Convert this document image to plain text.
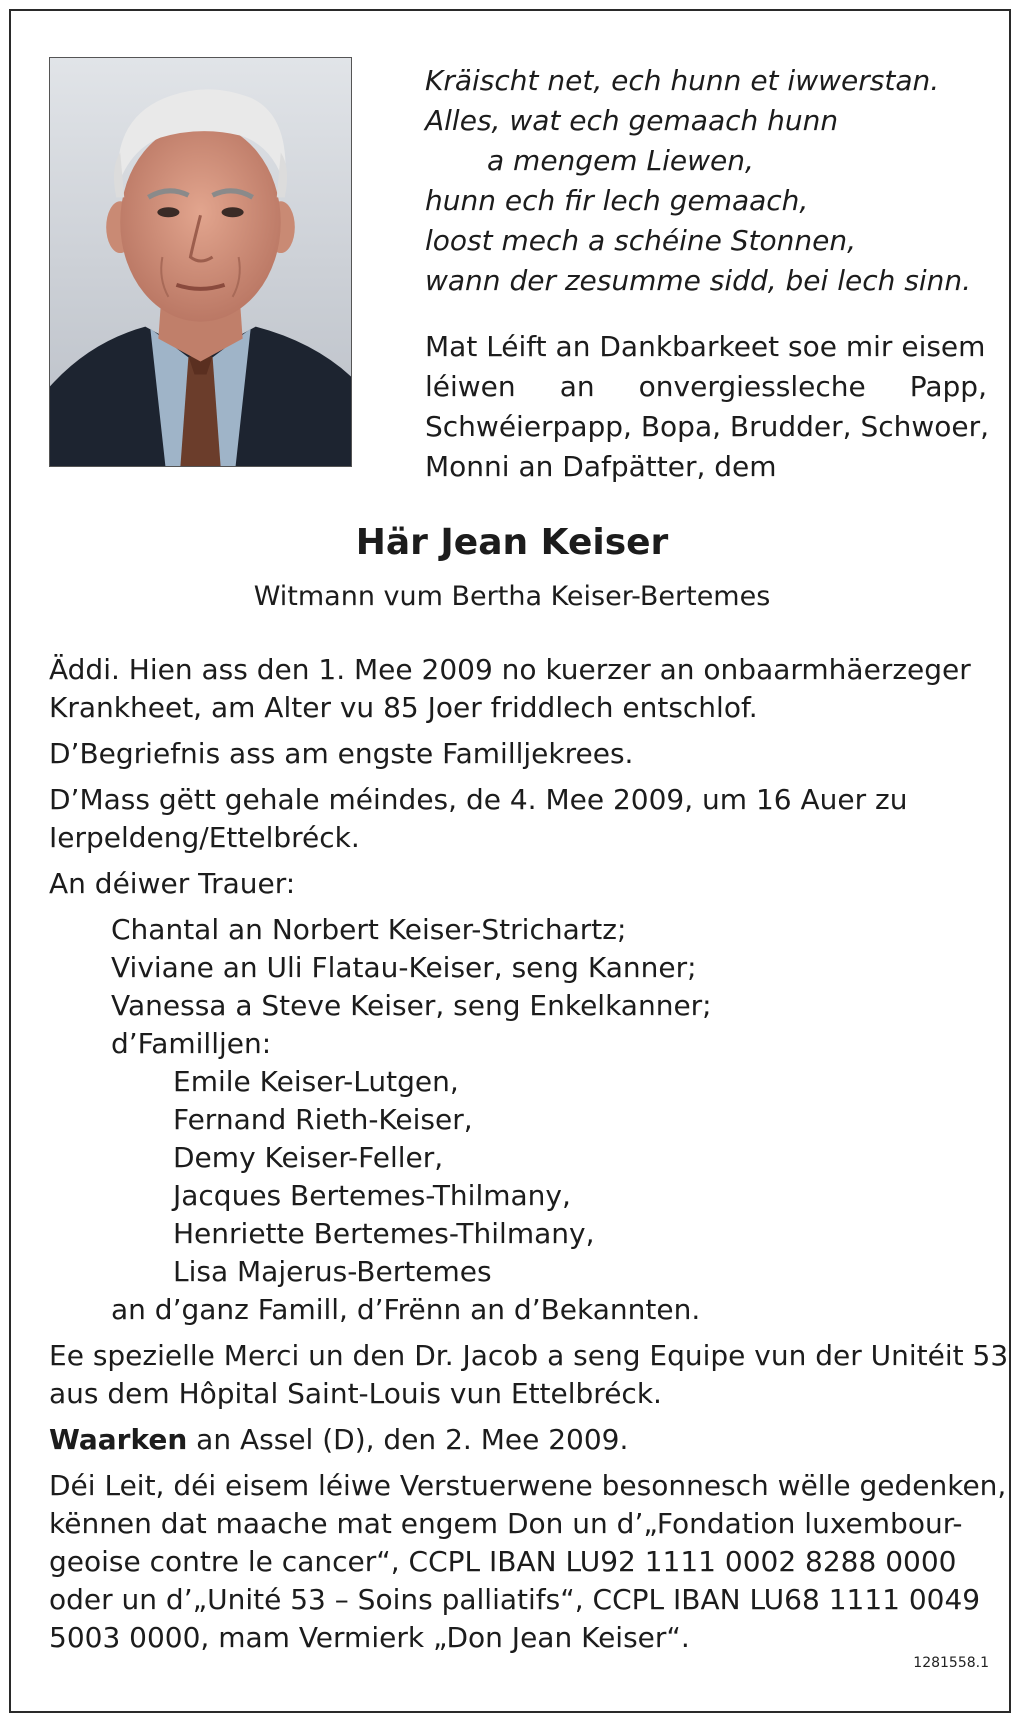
Kräischt net, ech hunn et iwwerstan.
Alles, wat ech gemaach hunn
a mengem Liewen,
hunn ech fir lech gemaach,
loost mech a schéine Stonnen,
wann der zesumme sidd, bei lech sinn.
Mat Léift an Dankbarkeet soe mir eisem
léiwen an onvergiessleche Papp,
Schwéierpapp, Bopa, Brudder, Schwoer,
Monni an Dafpätter, dem
Här Jean Keiser
Witmann vum Bertha Keiser-Bertemes
Äddi. Hien ass den 1. Mee 2009 no kuerzer an onbaarmhäerzeger
Krankheet, am Alter vu 85 Joer friddlech entschlof.
D’Begriefnis ass am engste Familljekrees.
D’Mass gëtt gehale méindes, de 4. Mee 2009, um 16 Auer zu
Ierpeldeng/Ettelbréck.
An déiwer Trauer:
Chantal an Norbert Keiser-Strichartz;
Viviane an Uli Flatau-Keiser, seng Kanner;
Vanessa a Steve Keiser, seng Enkelkanner;
d’Familljen:
Emile Keiser-Lutgen,
Fernand Rieth-Keiser,
Demy Keiser-Feller,
Jacques Bertemes-Thilmany,
Henriette Bertemes-Thilmany,
Lisa Majerus-Bertemes
an d’ganz Famill, d’Frënn an d’Bekannten.
Ee spezielle Merci un den Dr. Jacob a seng Equipe vun der Unitéit 53
aus dem Hôpital Saint-Louis vun Ettelbréck.
Waarken an Assel (D), den 2. Mee 2009.
Déi Leit, déi eisem léiwe Verstuerwene besonnesch wëlle gedenken,
kënnen dat maache mat engem Don un d’„Fondation luxembour-
geoise contre le cancer“, CCPL IBAN LU92 1111 0002 8288 0000
oder un d’„Unité 53 – Soins palliatifs“, CCPL IBAN LU68 1111 0049
5003 0000, mam Vermierk „Don Jean Keiser“.
1281558.1
